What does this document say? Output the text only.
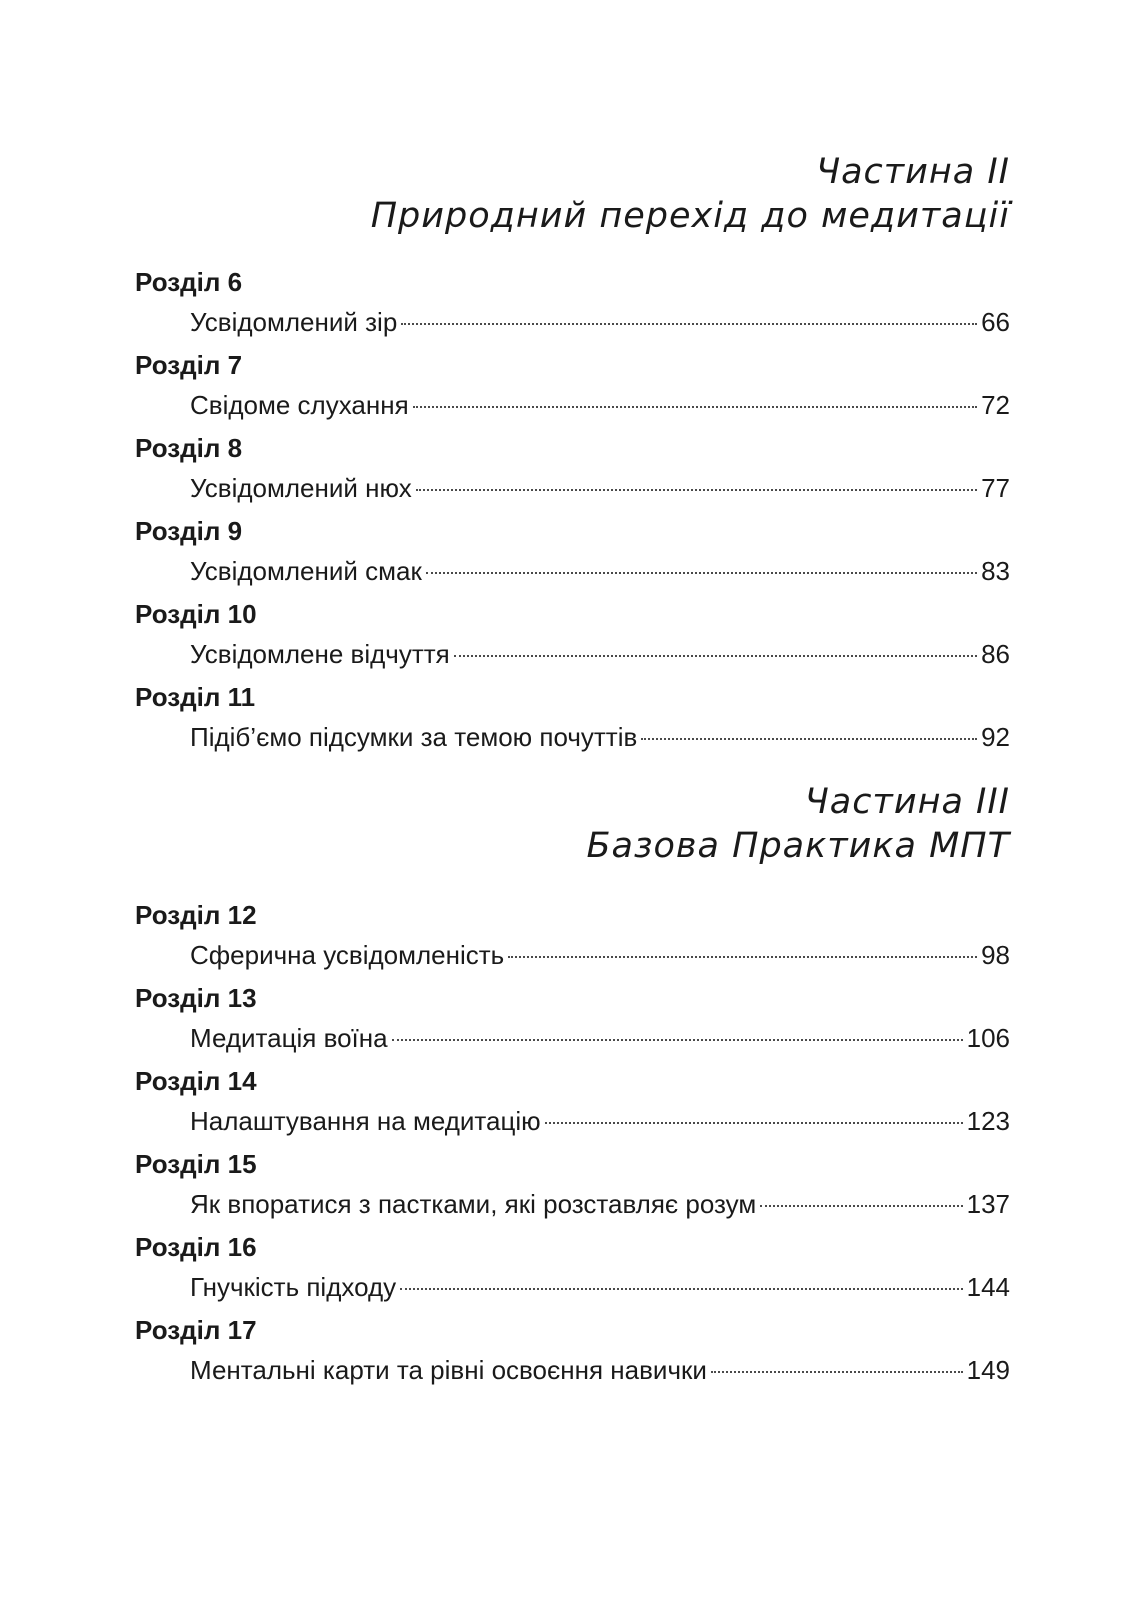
Частина II
Природний перехід до медитації
Розділ 6
Усвідомлений зір	66
Розділ 7
Свідоме слухання	72
Розділ 8
Усвідомлений нюх	77
Розділ 9
Усвідомлений смак	83
Розділ 10
Усвідомлене відчуття	86
Розділ 11
Підіб’ємо підсумки за темою почуттів	92
Частина III
Базова Практика МПТ
Розділ 12
Сферична усвідомленість	98
Розділ 13
Медитація воїна	106
Розділ 14
Налаштування на медитацію	123
Розділ 15
Як впоратися з пастками, які розставляє розум	137
Розділ 16
Гнучкість підходу	144
Розділ 17
Ментальні карти та рівні освоєння навички	149
